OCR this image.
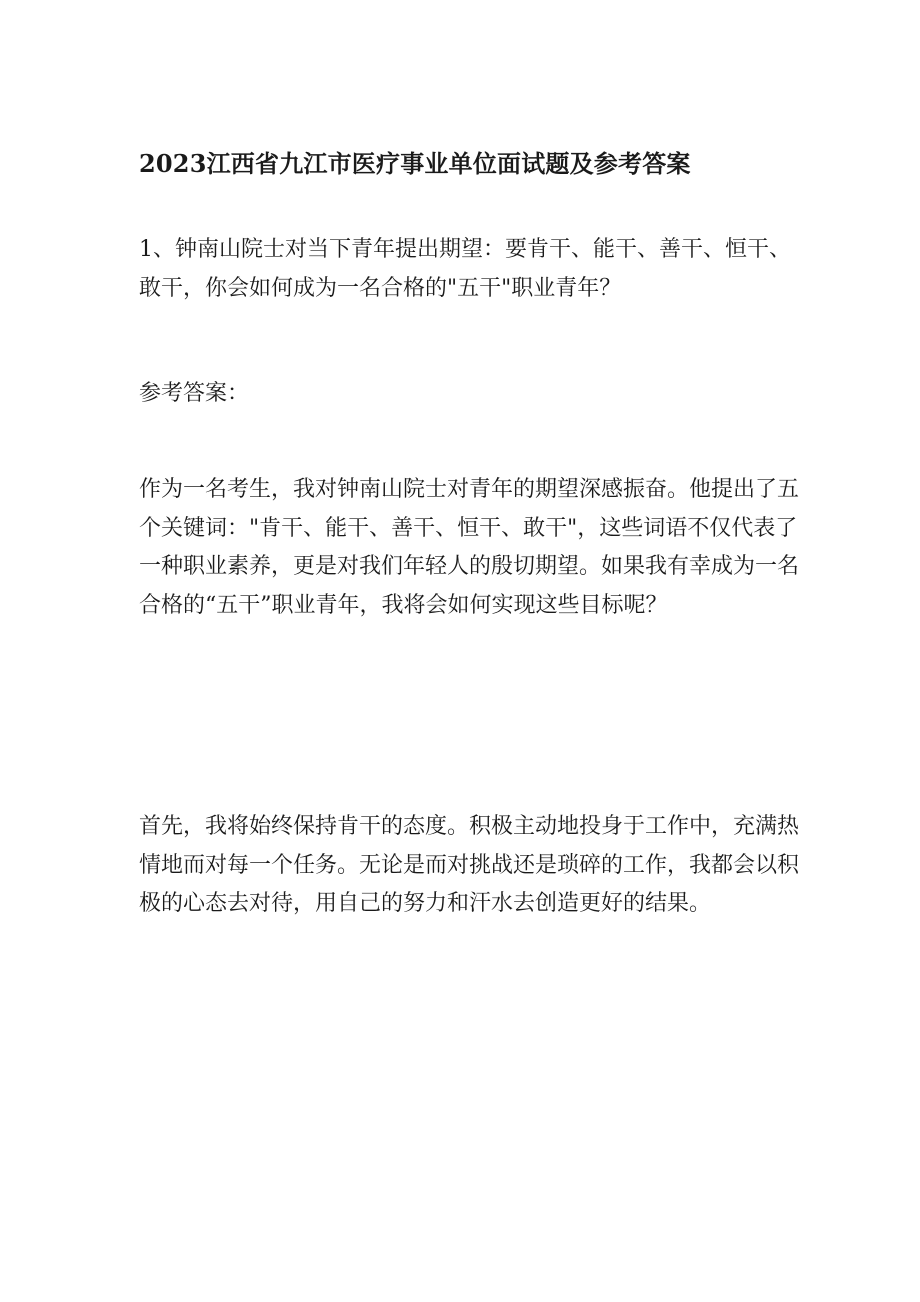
2023江西省九江市医疗事业单位面试题及参考答案

1、钟南山院士对当下青年提出期望：要肯干、能干、善干、恒干、
敢干，你会如何成为一名合格的"五干"职业青年？

参考答案：

作为一名考生，我对钟南山院士对青年的期望深感振奋。他提出了五
个关键词："肯干、能干、善干、恒干、敢干"，这些词语不仅代表了
一种职业素养，更是对我们年轻人的殷切期望。如果我有幸成为一名
合格的“五干”职业青年，我将会如何实现这些目标呢？

首先，我将始终保持肯干的态度。积极主动地投身于工作中，充满热
情地而对每一个任务。无论是而对挑战还是琐碎的工作，我都会以积
极的心态去对待，用自己的努力和汗水去创造更好的结果。
